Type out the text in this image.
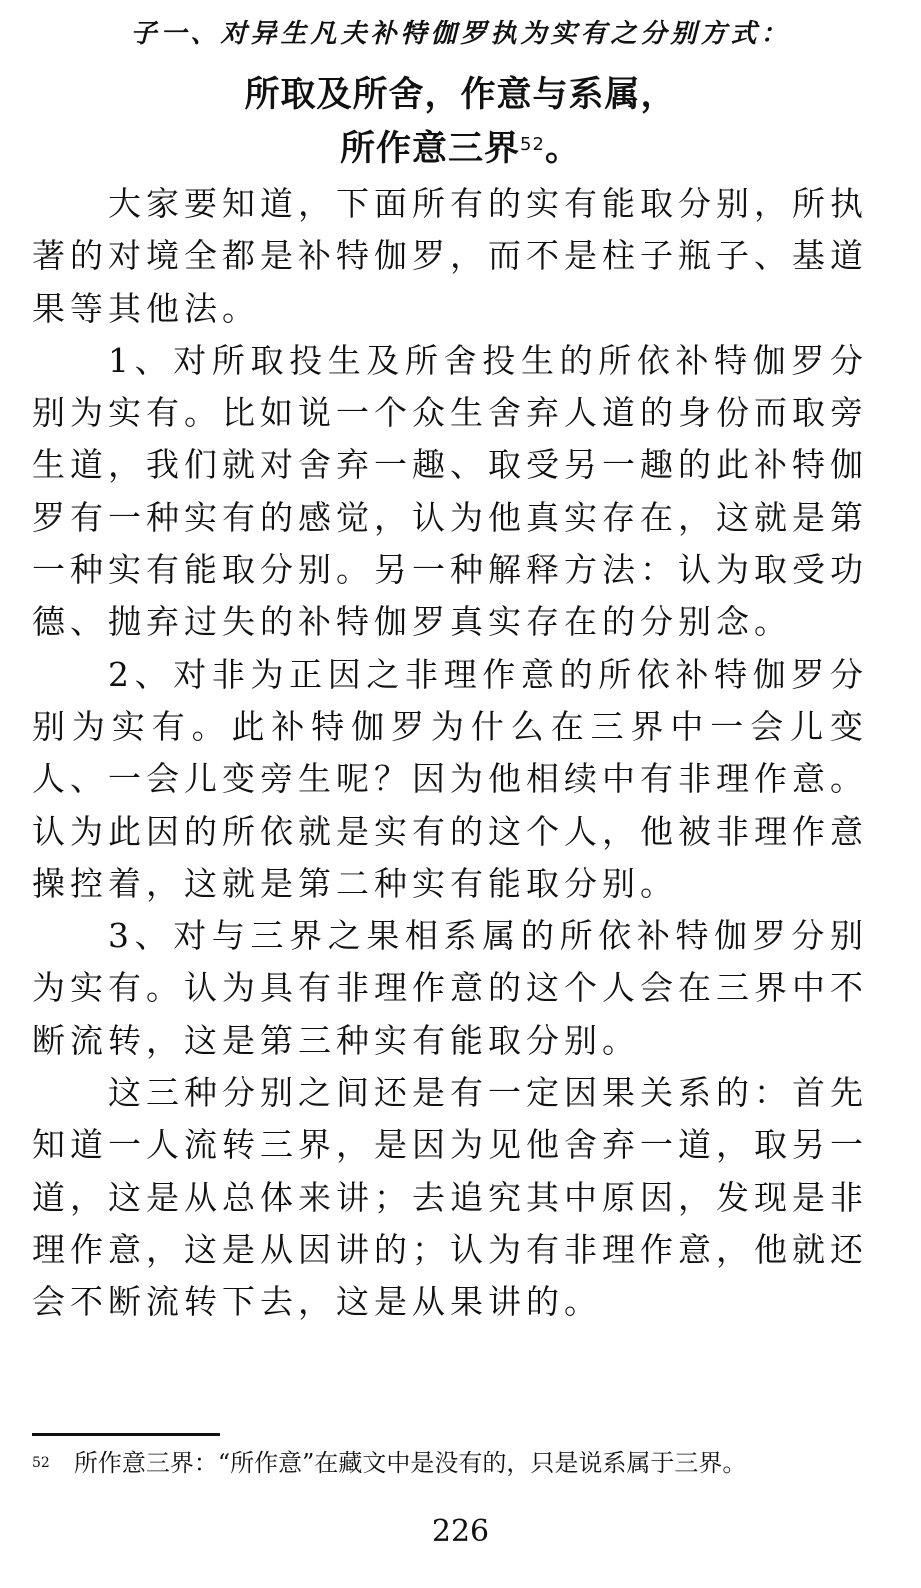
子一、对异生凡夫补特伽罗执为实有之分别方式：
所取及所舍，作意与系属，
所作意三界$^{52}$。

大家要知道，下面所有的实有能取分别，所执著的对境全都是补特伽罗，而不是柱子瓶子、基道果等其他法。

1、对所取投生及所舍投生的所依补特伽罗分别为实有。比如说一个众生舍弃人道的身份而取旁生道，我们就对舍弃一趣、取受另一趣的此补特伽罗有一种实有的感觉，认为他真实存在，这就是第一种实有能取分别。另一种解释方法：认为取受功德、抛弃过失的补特伽罗真实存在的分别念。

2、对非为正因之非理作意的所依补特伽罗分别为实有。此补特伽罗为什么在三界中一会儿变人、一会儿变旁生呢？因为他相续中有非理作意。认为此因的所依就是实有的这个人，他被非理作意操控着，这就是第二种实有能取分别。

3、对与三界之果相系属的所依补特伽罗分别为实有。认为具有非理作意的这个人会在三界中不断流转，这是第三种实有能取分别。

这三种分别之间还是有一定因果关系的：首先知道一人流转三界，是因为见他舍弃一道，取另一道，这是从总体来讲；去追究其中原因，发现是非理作意，这是从因讲的；认为有非理作意，他就还会不断流转下去，这是从果讲的。

$^{52}$ 所作意三界：“所作意”在藏文中是没有的，只是说系属于三界。
226
